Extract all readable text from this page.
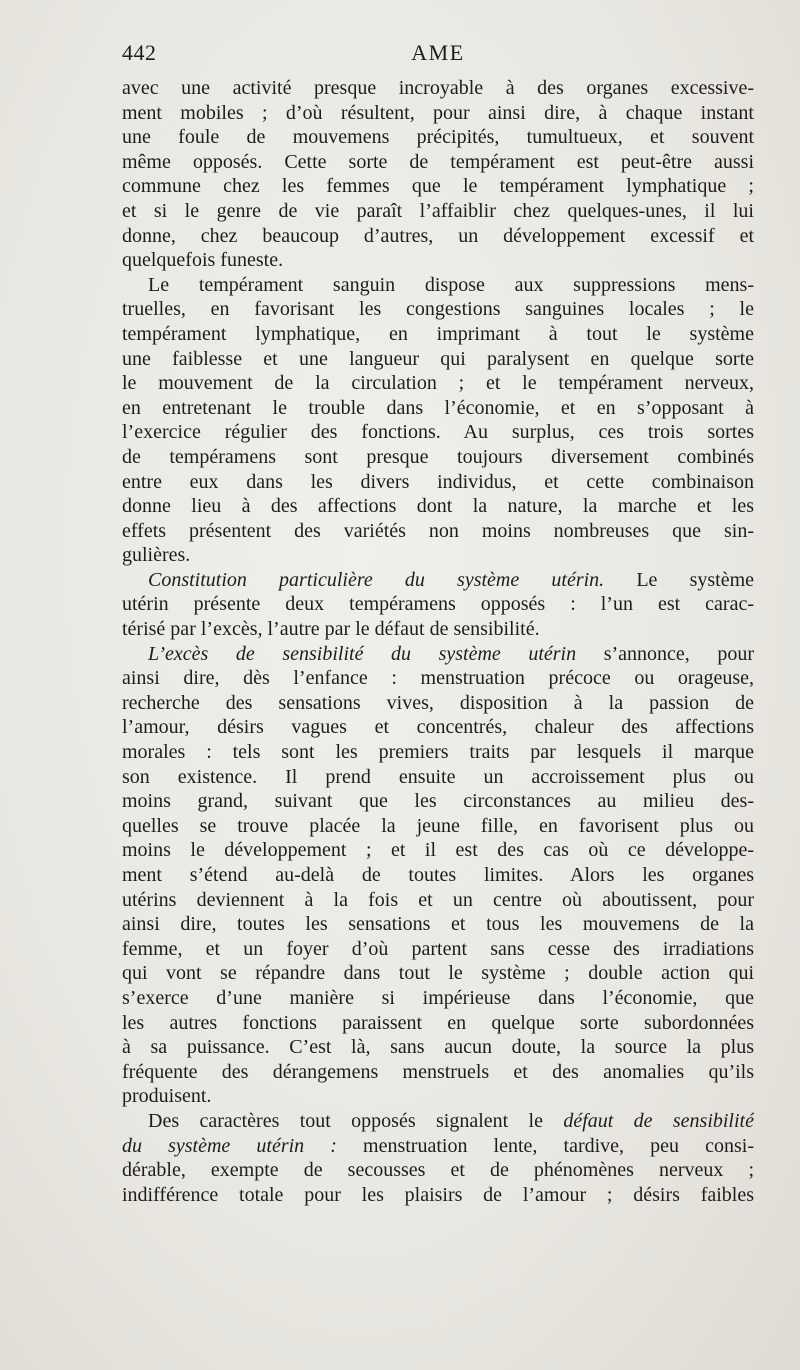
442	AME
avec une activité presque incroyable à des organes excessive-
ment mobiles ; d’où résultent, pour ainsi dire, à chaque instant
une foule de mouvemens précipités, tumultueux, et souvent
même opposés. Cette sorte de tempérament est peut-être aussi
commune chez les femmes que le tempérament lymphatique ;
et si le genre de vie paraît l’affaiblir chez quelques-unes, il lui
donne, chez beaucoup d’autres, un développement excessif et
quelquefois funeste.
Le tempérament sanguin dispose aux suppressions mens-
truelles, en favorisant les congestions sanguines locales ; le
tempérament lymphatique, en imprimant à tout le système
une faiblesse et une langueur qui paralysent en quelque sorte
le mouvement de la circulation ; et le tempérament nerveux,
en entretenant le trouble dans l’économie, et en s’opposant à
l’exercice régulier des fonctions. Au surplus, ces trois sortes
de tempéramens sont presque toujours diversement combinés
entre eux dans les divers individus, et cette combinaison
donne lieu à des affections dont la nature, la marche et les
effets présentent des variétés non moins nombreuses que sin-
gulières.
Constitution particulière du système utérin. Le système
utérin présente deux tempéramens opposés : l’un est carac-
térisé par l’excès, l’autre par le défaut de sensibilité.
L’excès de sensibilité du système utérin s’annonce, pour
ainsi dire, dès l’enfance : menstruation précoce ou orageuse,
recherche des sensations vives, disposition à la passion de
l’amour, désirs vagues et concentrés, chaleur des affections
morales : tels sont les premiers traits par lesquels il marque
son existence. Il prend ensuite un accroissement plus ou
moins grand, suivant que les circonstances au milieu des-
quelles se trouve placée la jeune fille, en favorisent plus ou
moins le développement ; et il est des cas où ce développe-
ment s’étend au-delà de toutes limites. Alors les organes
utérins deviennent à la fois et un centre où aboutissent, pour
ainsi dire, toutes les sensations et tous les mouvemens de la
femme, et un foyer d’où partent sans cesse des irradiations
qui vont se répandre dans tout le système ; double action qui
s’exerce d’une manière si impérieuse dans l’économie, que
les autres fonctions paraissent en quelque sorte subordonnées
à sa puissance. C’est là, sans aucun doute, la source la plus
fréquente des dérangemens menstruels et des anomalies qu’ils
produisent.
Des caractères tout opposés signalent le défaut de sensibilité
du système utérin : menstruation lente, tardive, peu consi-
dérable, exempte de secousses et de phénomènes nerveux ;
indifférence totale pour les plaisirs de l’amour ; désirs faibles
